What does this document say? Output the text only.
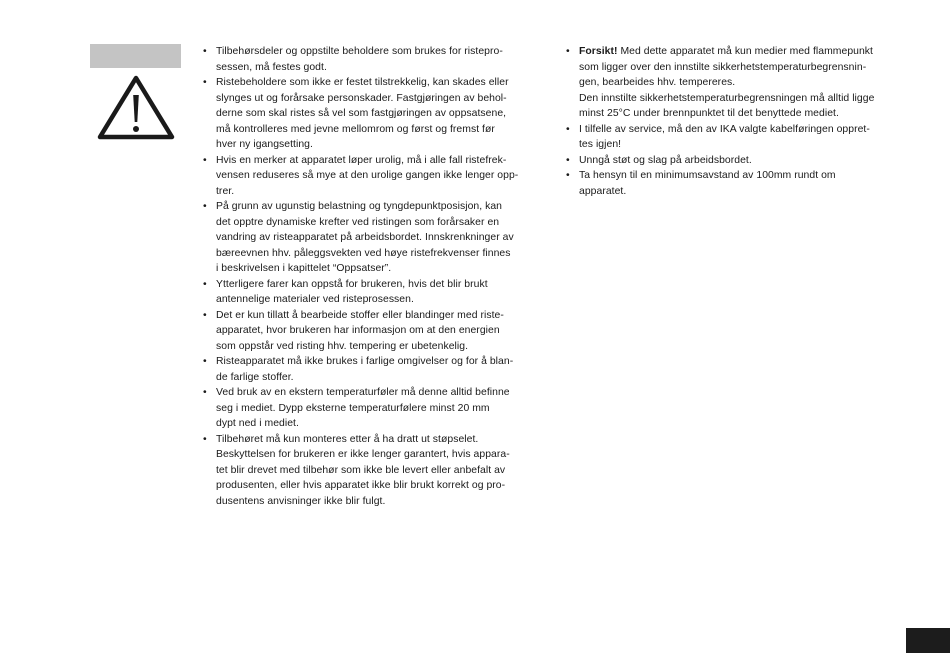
• Tilbehørsdeler og oppstilte beholdere som brukes for ristepro-
sessen, må festes godt.
• Ristebeholdere som ikke er festet tilstrekkelig, kan skades eller
slynges ut og forårsake personskader. Fastgjøringen av behol-
derne som skal ristes så vel som fastgjøringen av oppsatsene,
må kontrolleres med jevne mellomrom og først og fremst før
hver ny igangsetting.
• Hvis en merker at apparatet løper urolig, må i alle fall ristefrek-
vensen reduseres så mye at den urolige gangen ikke lenger opp-
trer.
• På grunn av ugunstig belastning og tyngdepunktposisjon, kan
det opptre dynamiske krefter ved ristingen som forårsaker en
vandring av risteapparatet på arbeidsbordet. Innskrenkninger av
bæreevnen hhv. påleggsvekten ved høye ristefrekvenser finnes
i beskrivelsen i kapittelet “Oppsatser”.
• Ytterligere farer kan oppstå for brukeren, hvis det blir brukt
antennelige materialer ved risteprosessen.
• Det er kun tillatt å bearbeide stoffer eller blandinger med riste-
apparatet, hvor brukeren har informasjon om at den energien
som oppstår ved risting hhv. tempering er ubetenkelig.
• Risteapparatet må ikke brukes i farlige omgivelser og for å blan-
de farlige stoffer.
• Ved bruk av en ekstern temperaturføler må denne alltid befinne
seg i mediet. Dypp eksterne temperaturfølere minst 20 mm
dypt ned i mediet.
• Tilbehøret må kun monteres etter å ha dratt ut støpselet.
Beskyttelsen for brukeren er ikke lenger garantert, hvis appara-
tet blir drevet med tilbehør som ikke ble levert eller anbefalt av
produsenten, eller hvis apparatet ikke blir brukt korrekt og pro-
dusentens anvisninger ikke blir fulgt.
• Forsikt! Med dette apparatet må kun medier med flammepunkt
som ligger over den innstilte sikkerhetstemperaturbegrensnin-
gen, bearbeides hhv. tempereres.
Den innstilte sikkerhetstemperaturbegrensningen må alltid ligge
minst 25°C under brennpunktet til det benyttede mediet.
• I tilfelle av service, må den av IKA valgte kabelføringen oppret-
tes igjen!
• Unngå støt og slag på arbeidsbordet.
• Ta hensyn til en minimumsavstand av 100mm rundt om
apparatet.
